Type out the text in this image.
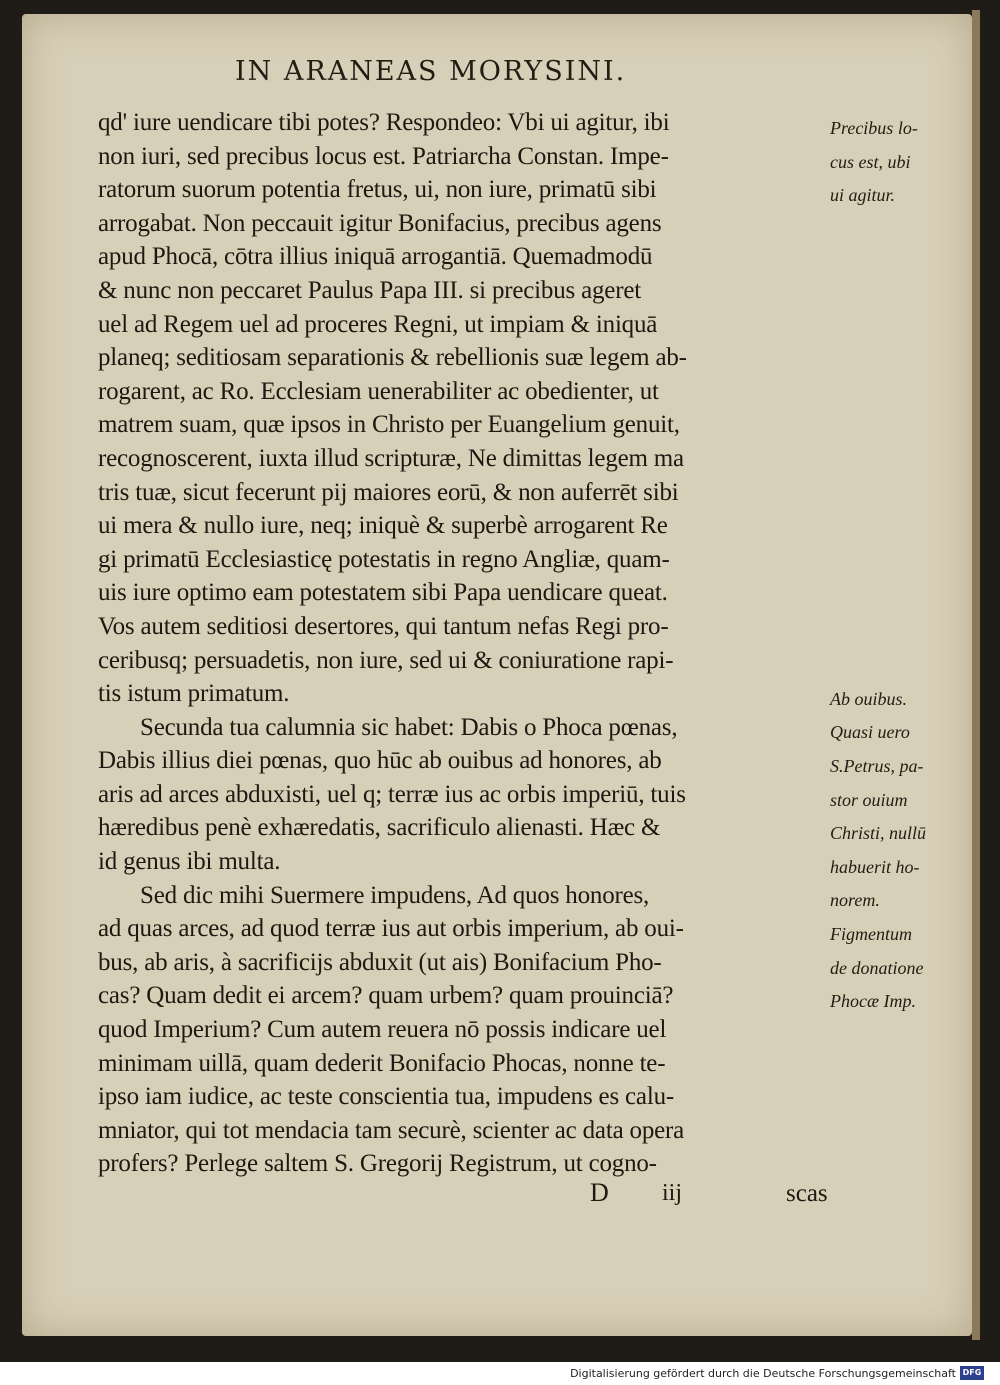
IN ARANEAS MORYSINI.
qd' iure uendicare tibi potes? Respondeo: Vbi ui agitur, ibi
non iuri, sed precibus locus est. Patriarcha Constan. Impe-
ratorum suorum potentia fretus, ui, non iure, primatū sibi
arrogabat. Non peccauit igitur Bonifacius, precibus agens
apud Phocā, cōtra illius iniquā arrogantiā. Quemadmodū
& nunc non peccaret Paulus Papa III. si precibus ageret
uel ad Regem uel ad proceres Regni, ut impiam & iniquā
planeq; seditiosam separationis & rebellionis suæ legem ab-
rogarent, ac Ro. Ecclesiam uenerabiliter ac obedienter, ut
matrem suam, quæ ipsos in Christo per Euangelium genuit,
recognoscerent, iuxta illud scripturæ, Ne dimittas legem ma
tris tuæ, sicut fecerunt pij maiores eorū, & non auferrēt sibi
ui mera & nullo iure, neq; iniquè & superbè arrogarent Re
gi primatū Ecclesiasticę potestatis in regno Angliæ, quam-
uis iure optimo eam potestatem sibi Papa uendicare queat.
Vos autem seditiosi desertores, qui tantum nefas Regi pro-
ceribusq; persuadetis, non iure, sed ui & coniuratione rapi-
tis istum primatum.
Secunda tua calumnia sic habet: Dabis o Phoca pœnas,
Dabis illius diei pœnas, quo hūc ab ouibus ad honores, ab
aris ad arces abduxisti, uel q; terræ ius ac orbis imperiū, tuis
hæredibus penè exhæredatis, sacrificulo alienasti. Hæc &
id genus ibi multa.
Sed dic mihi Suermere impudens, Ad quos honores,
ad quas arces, ad quod terræ ius aut orbis imperium, ab oui-
bus, ab aris, à sacrificijs abduxit (ut ais) Bonifacium Pho-
cas? Quam dedit ei arcem? quam urbem? quam prouinciā?
quod Imperium? Cum autem reuera nō possis indicare uel
minimam uillā, quam dederit Bonifacio Phocas, nonne te-
ipso iam iudice, ac teste conscientia tua, impudens es calu-
mniator, qui tot mendacia tam securè, scienter ac data opera
profers? Perlege saltem S. Gregorij Registrum, ut cogno-
Precibus lo-
cus est, ubi
ui agitur.
Ab ouibus.
Quasi uero
S.Petrus, pa-
stor ouium
Christi, nullū
habuerit ho-
norem.
Figmentum
de donatione
Phocæ Imp.
D iij	scas
Digitalisierung gefördert durch die Deutsche Forschungsgemeinschaft DFG
